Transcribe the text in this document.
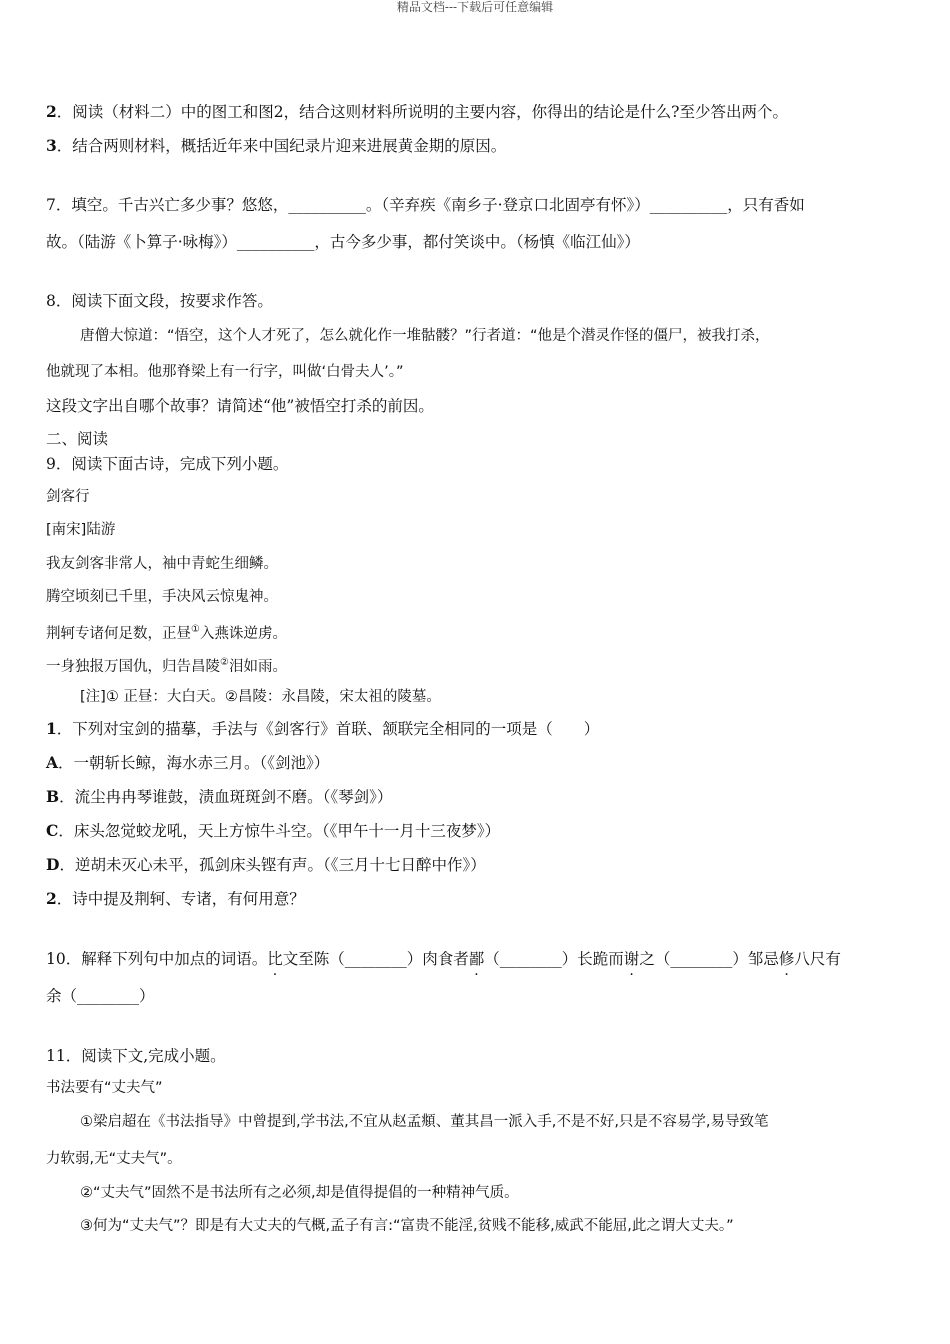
精品文档---下载后可任意编辑
2．阅读（材料二）中的图工和图2，结合这则材料所说明的主要内容，你得出的结论是什么?至少答出两个。
3．结合两则材料，概括近年来中国纪录片迎来进展黄金期的原因。
7．填空。千古兴亡多少事？悠悠，__________。（辛弃疾《南乡子·登京口北固亭有怀》）__________，只有香如
故。（陆游《卜算子·咏梅》）__________，古今多少事，都付笑谈中。（杨慎《临江仙》）
8．阅读下面文段，按要求作答。
唐僧大惊道：“悟空，这个人才死了，怎么就化作一堆骷髅？”行者道：“他是个潜灵作怪的僵尸，被我打杀，
他就现了本相。他那脊梁上有一行字，叫做‘白骨夫人’。”
这段文字出自哪个故事？请简述“他”被悟空打杀的前因。
二、阅读
9．阅读下面古诗，完成下列小题。
剑客行
[南宋]陆游
我友剑客非常人，袖中青蛇生细鳞。
腾空顷刻已千里，手决风云惊鬼神。
荆轲专诸何足数，正昼①入燕诛逆虏。
一身独报万国仇，归告昌陵②泪如雨。
[注]① 正昼：大白天。②昌陵：永昌陵，宋太祖的陵墓。
1．下列对宝剑的描摹，手法与《剑客行》首联、颔联完全相同的一项是（　　）
A．一朝斩长鲸，海水赤三月。（《剑池》）
B．流尘冉冉琴谁鼓，渍血斑斑剑不磨。（《琴剑》）
C．床头忽觉蛟龙吼，天上方惊牛斗空。（《甲午十一月十三夜梦》）
D．逆胡未灭心未平，孤剑床头铿有声。（《三月十七日醉中作》）
2．诗中提及荆轲、专诸，有何用意？
10．解释下列句中加点的词语。比文至陈（________）肉食者鄙（________）长跪而谢之（________）邹忌修八尺有
余（________）
11．阅读下文,完成小题。
书法要有“丈夫气”
①梁启超在《书法指导》中曾提到,学书法,不宜从赵孟頫、董其昌一派入手,不是不好,只是不容易学,易导致笔
力软弱,无“丈夫气”。
②“丈夫气”固然不是书法所有之必须,却是值得提倡的一种精神气质。
③何为“丈夫气”？即是有大丈夫的气概,孟子有言:“富贵不能淫,贫贱不能移,威武不能屈,此之谓大丈夫。”
